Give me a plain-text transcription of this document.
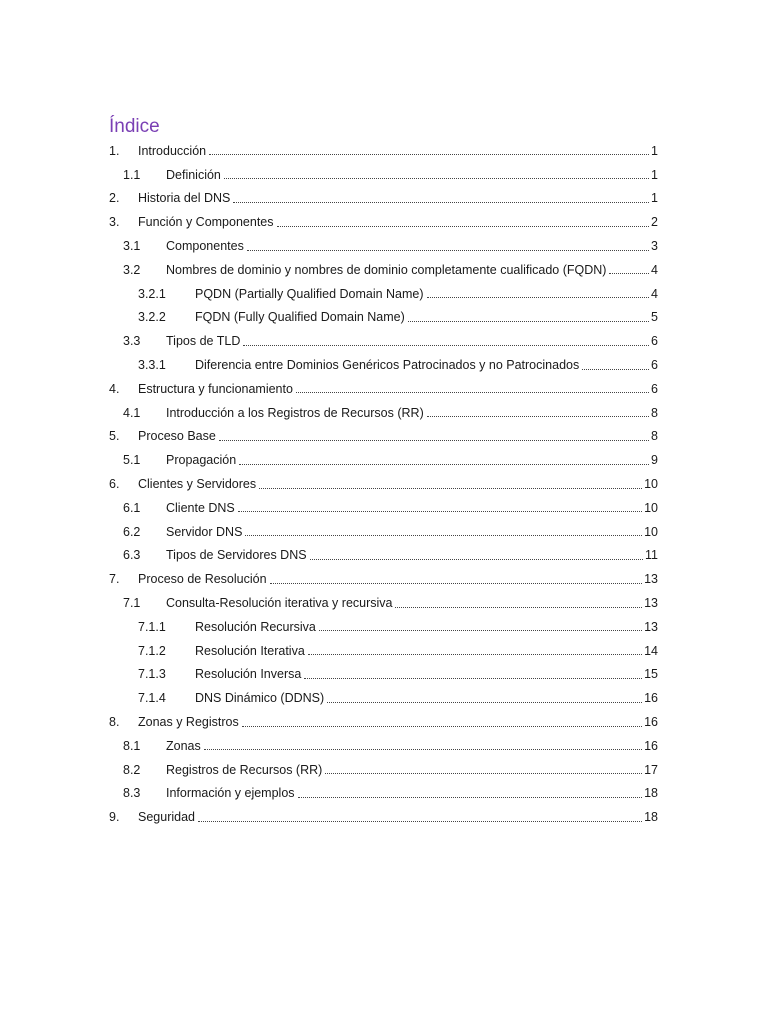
Índice
1.	Introducción	1
1.1	Definición	1
2.	Historia del DNS	1
3.	Función y Componentes	2
3.1	Componentes	3
3.2	Nombres de dominio y nombres de dominio completamente cualificado (FQDN)	4
3.2.1	PQDN (Partially Qualified Domain Name)	4
3.2.2	FQDN (Fully Qualified Domain Name)	5
3.3	Tipos de TLD	6
3.3.1	Diferencia entre Dominios Genéricos Patrocinados y no Patrocinados	6
4.	Estructura y funcionamiento	6
4.1	Introducción a los Registros de Recursos (RR)	8
5.	Proceso Base	8
5.1	Propagación	9
6.	Clientes y Servidores	10
6.1	Cliente DNS	10
6.2	Servidor DNS	10
6.3	Tipos de Servidores DNS	11
7.	Proceso de Resolución	13
7.1	Consulta-Resolución iterativa y recursiva	13
7.1.1	Resolución Recursiva	13
7.1.2	Resolución Iterativa	14
7.1.3	Resolución Inversa	15
7.1.4	DNS Dinámico (DDNS)	16
8.	Zonas y Registros	16
8.1	Zonas	16
8.2	Registros de Recursos (RR)	17
8.3	Información y ejemplos	18
9.	Seguridad	18
